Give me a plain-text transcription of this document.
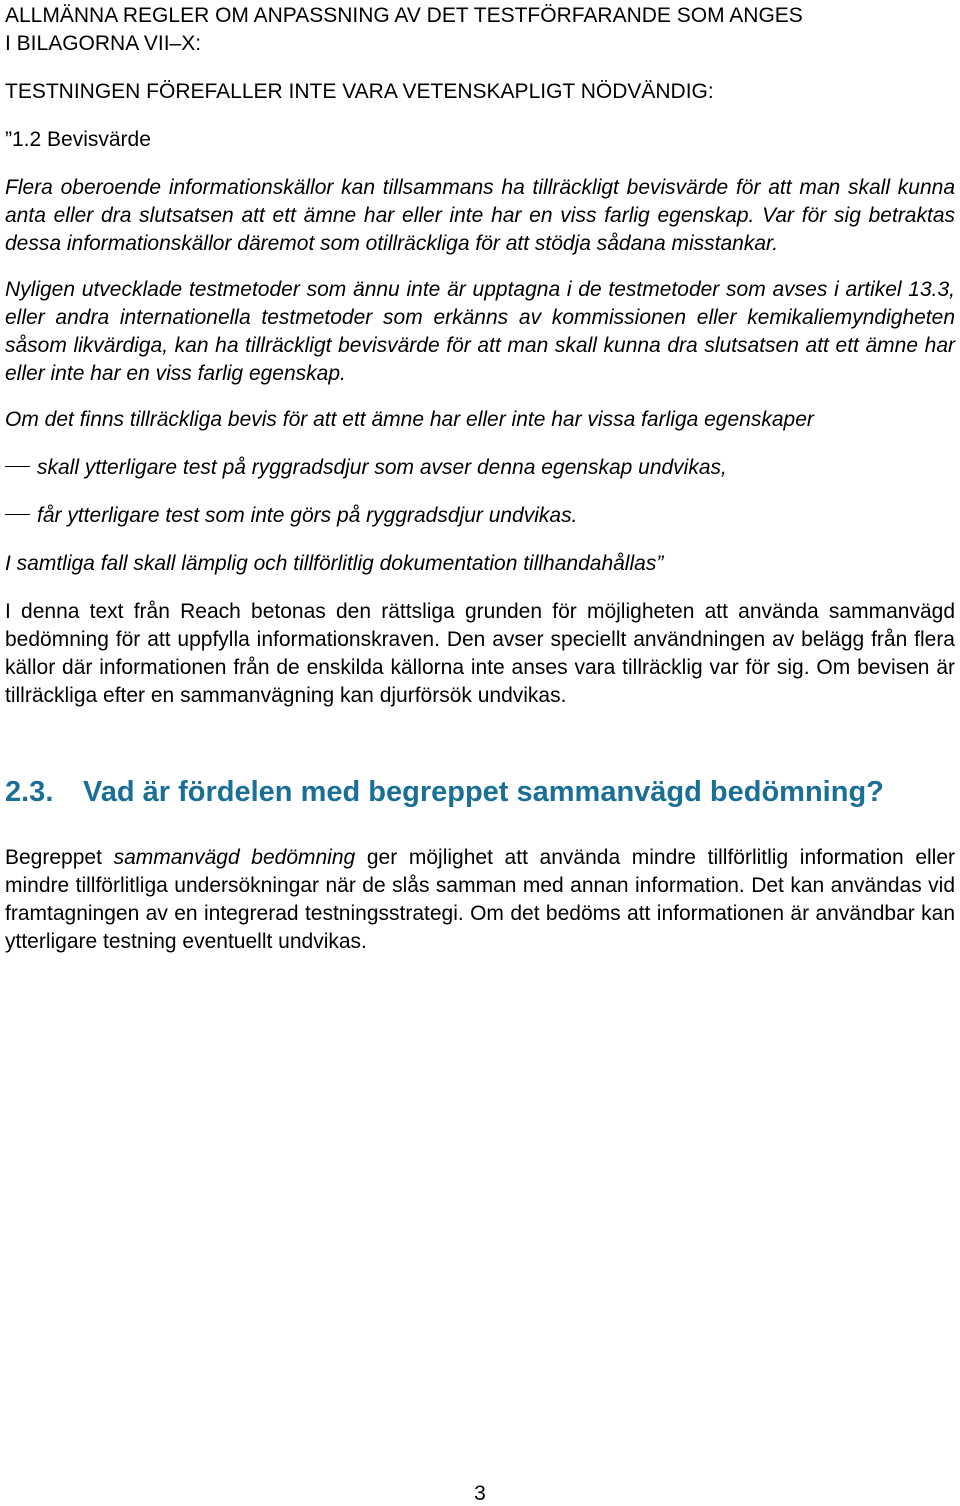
ALLMÄNNA REGLER OM ANPASSNING AV DET TESTFÖRFARANDE SOM ANGES

I BILAGORNA VII–X:

TESTNINGEN FÖREFALLER INTE VARA VETENSKAPLIGT NÖDVÄNDIG:

”1.2 Bevisvärde

Flera oberoende informationskällor kan tillsammans ha tillräckligt bevisvärde för att man skall kunna anta eller dra slutsatsen att ett ämne har eller inte har en viss farlig egenskap. Var för sig betraktas dessa informationskällor däremot som otillräckliga för att stödja sådana misstankar.

Nyligen utvecklade testmetoder som ännu inte är upptagna i de testmetoder som avses i artikel 13.3, eller andra internationella testmetoder som erkänns av kommissionen eller kemikaliemyndigheten såsom likvärdiga, kan ha tillräckligt bevisvärde för att man skall kunna dra slutsatsen att ett ämne har eller inte har en viss farlig egenskap.

Om det finns tillräckliga bevis för att ett ämne har eller inte har vissa farliga egenskaper

skall ytterligare test på ryggradsdjur som avser denna egenskap undvikas,
får ytterligare test som inte görs på ryggradsdjur undvikas.

I samtliga fall skall lämplig och tillförlitlig dokumentation tillhandahållas”

I denna text från Reach betonas den rättsliga grunden för möjligheten att använda sammanvägd bedömning för att uppfylla informationskraven. Den avser speciellt användningen av belägg från flera källor där informationen från de enskilda källorna inte anses vara tillräcklig var för sig. Om bevisen är tillräckliga efter en sammanvägning kan djurförsök undvikas.

2.3.	Vad är fördelen med begreppet sammanvägd bedömning?

Begreppet sammanvägd bedömning ger möjlighet att använda mindre tillförlitlig information eller mindre tillförlitliga undersökningar när de slås samman med annan information. Det kan användas vid framtagningen av en integrerad testningsstrategi. Om det bedöms att informationen är användbar kan ytterligare testning eventuellt undvikas.

3
